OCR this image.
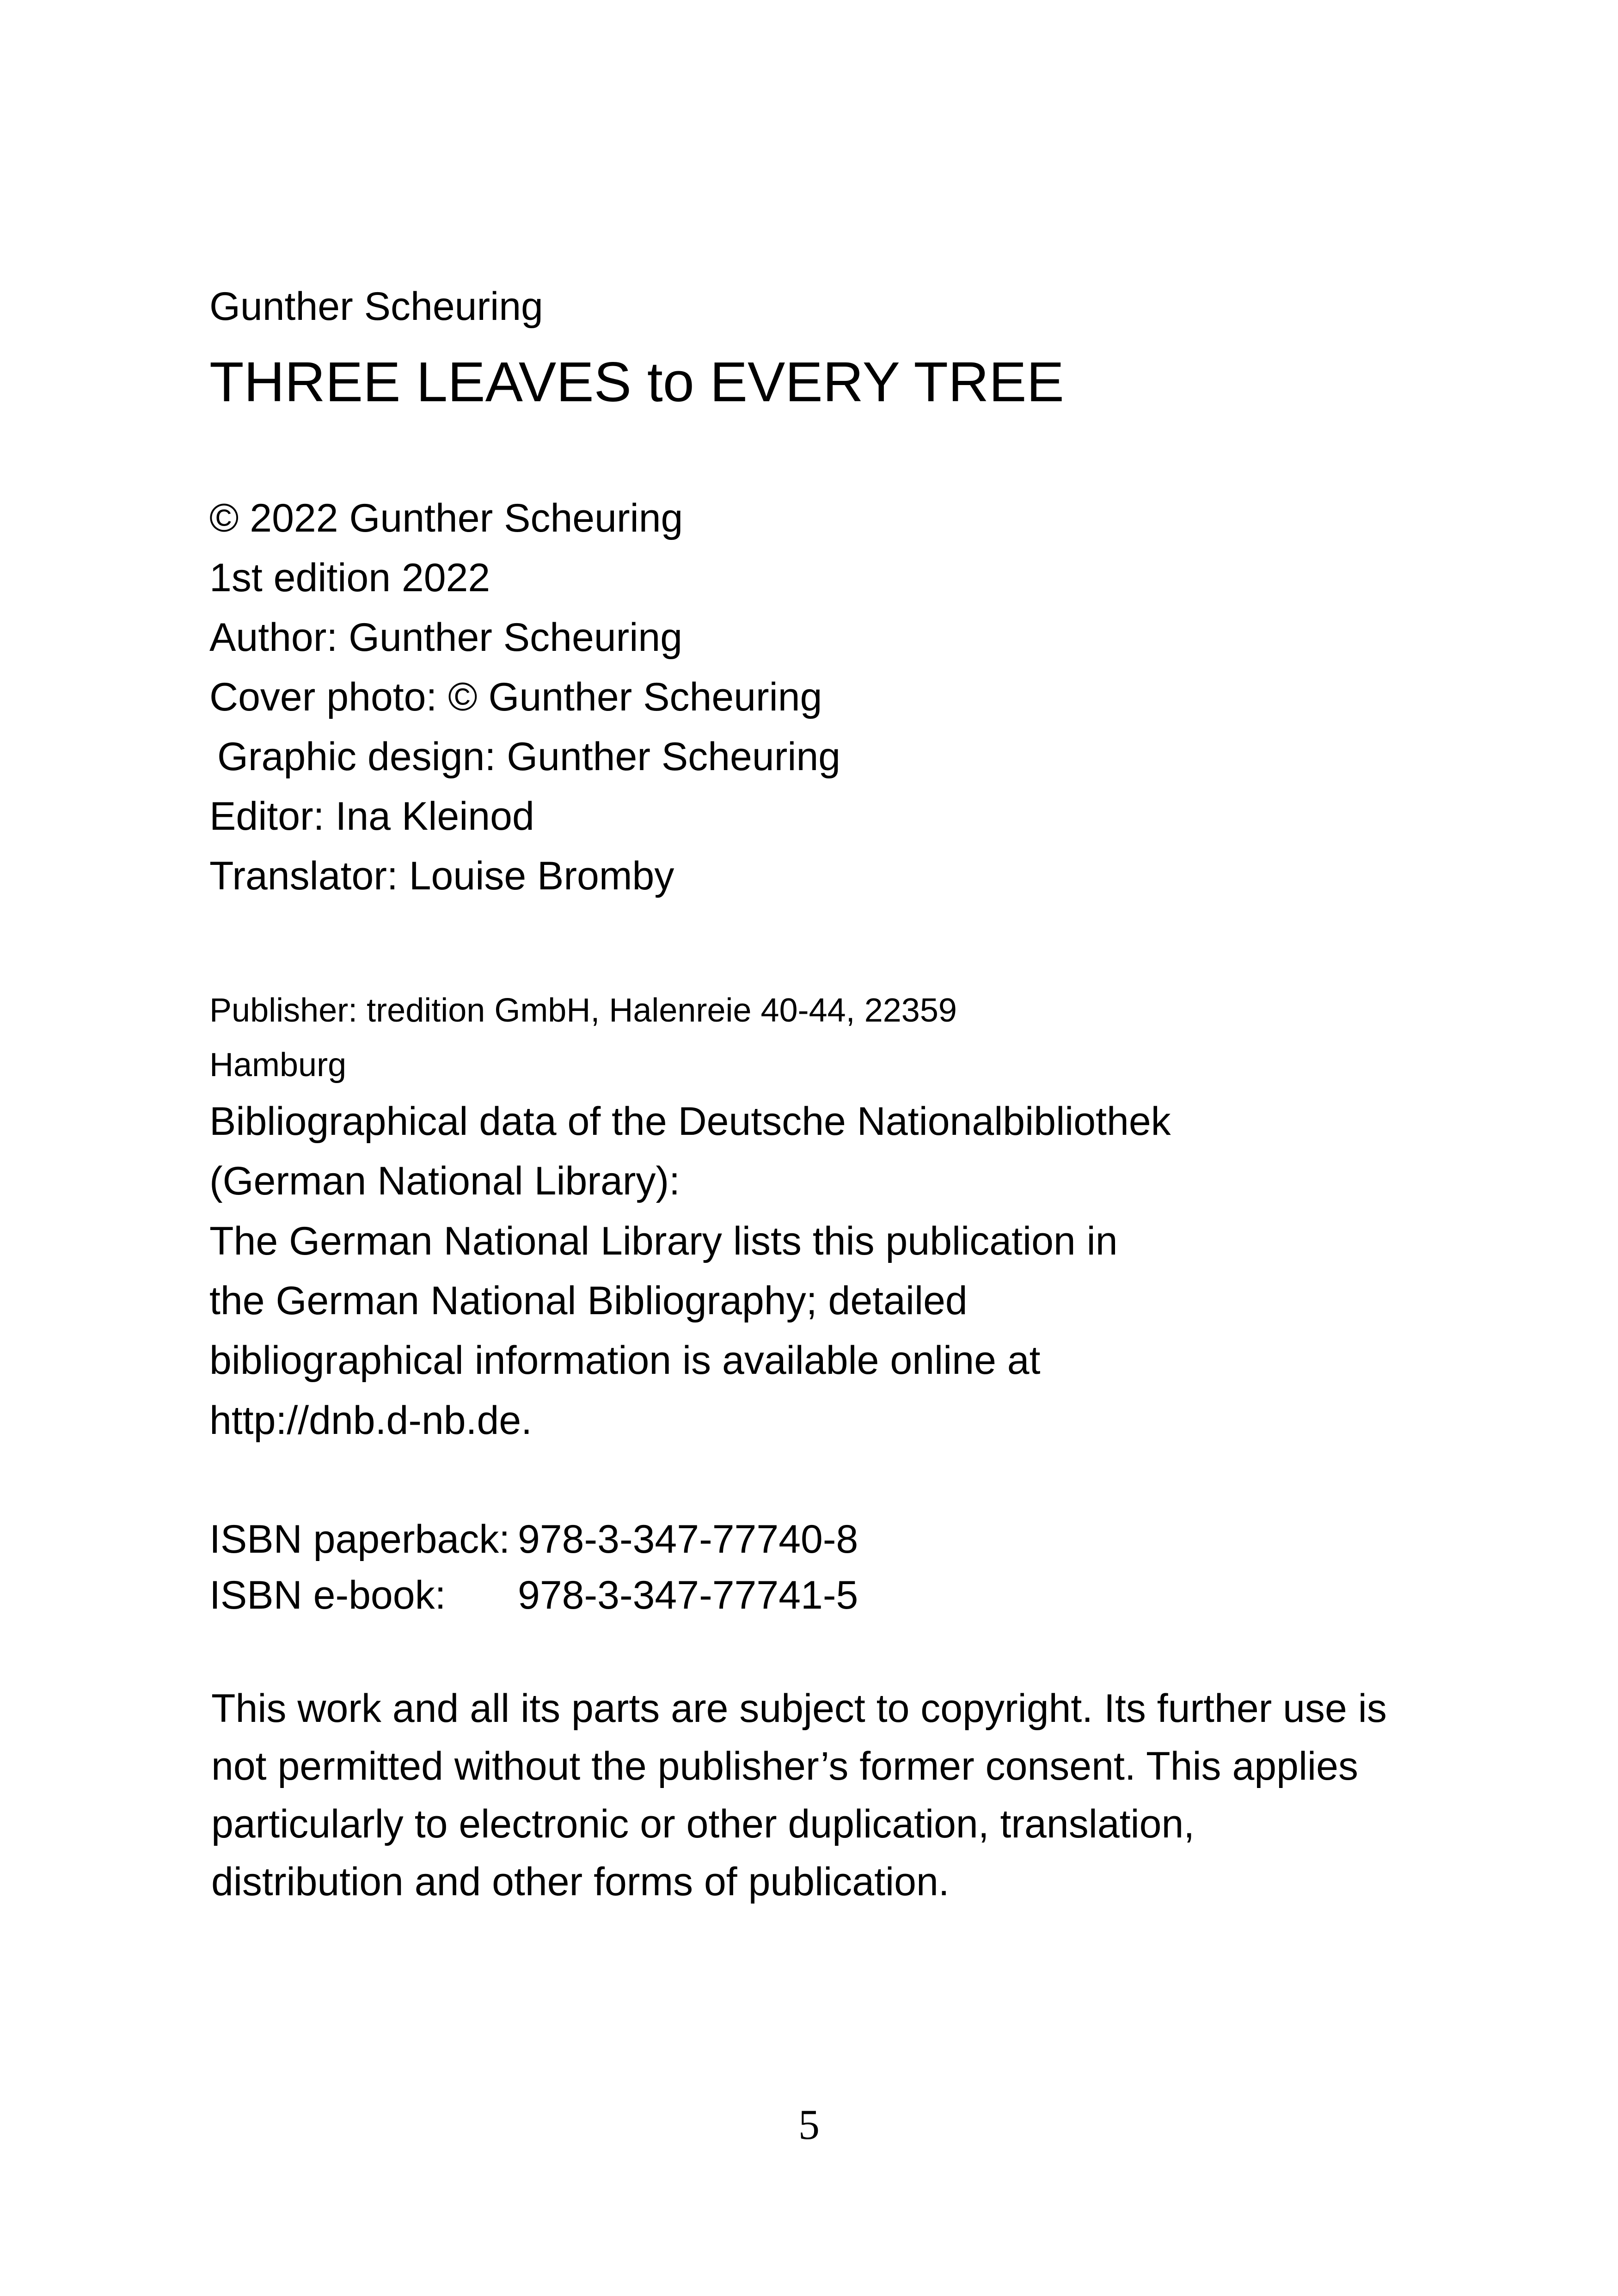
Gunther Scheuring
THREE LEAVES to EVERY TREE
© 2022 Gunther Scheuring
1st edition 2022
Author: Gunther Scheuring
Cover photo: © Gunther Scheuring
Graphic design: Gunther Scheuring
Editor: Ina Kleinod
Translator: Louise Bromby
Publisher: tredition GmbH, Halenreie 40-44, 22359
Hamburg
Bibliographical data of the Deutsche Nationalbibliothek
(German National Library):
The German National Library lists this publication in
the German National Bibliography; detailed
bibliographical information is available online at
http://dnb.d-nb.de.
ISBN paperback: 978-3-347-77740-8
ISBN e-book: 978-3-347-77741-5
This work and all its parts are subject to copyright. Its further use is
not permitted without the publisher’s former consent. This applies
particularly to electronic or other duplication, translation,
distribution and other forms of publication.
5
